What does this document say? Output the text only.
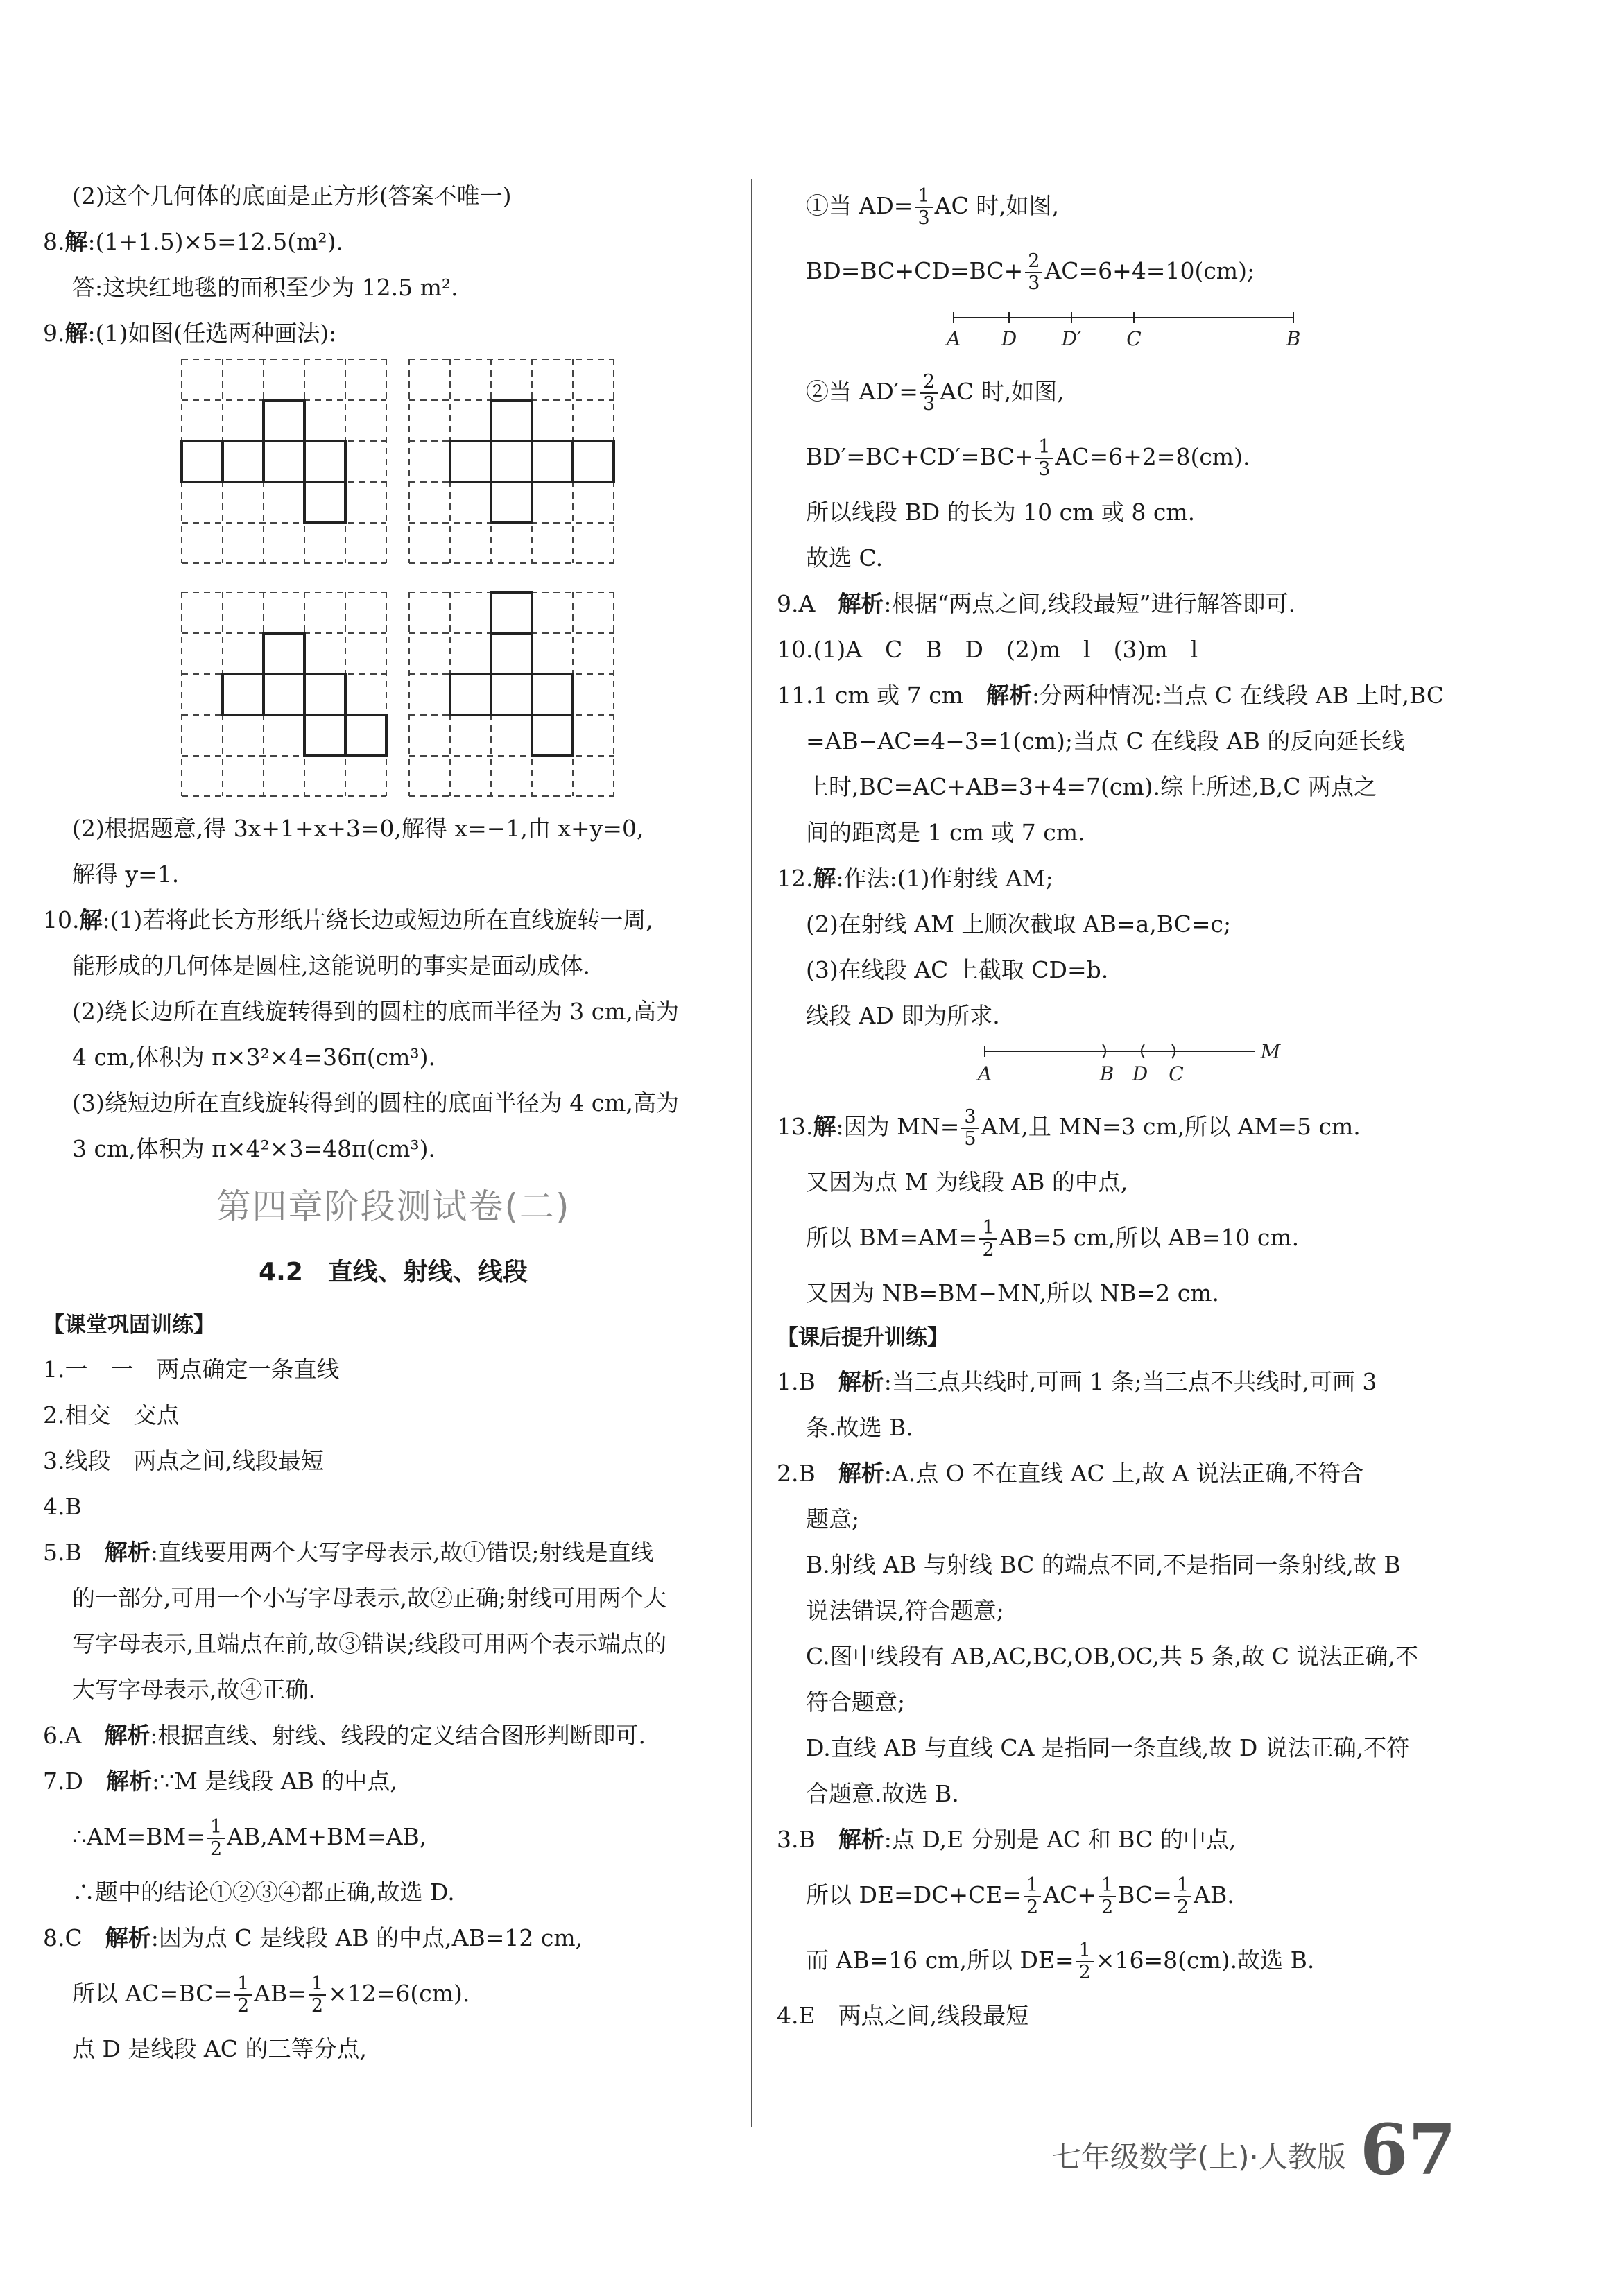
(2)这个几何体的底面是正方形(答案不唯一)
8.解:(1+1.5)×5=12.5(m²).
答:这块红地毯的面积至少为 12.5 m².
9.解:(1)如图(任选两种画法):
(2)根据题意,得 3x+1+x+3=0,解得 x=−1,由 x+y=0,
解得 y=1.
10.解:(1)若将此长方形纸片绕长边或短边所在直线旋转一周,
能形成的几何体是圆柱,这能说明的事实是面动成体.
(2)绕长边所在直线旋转得到的圆柱的底面半径为 3 cm,高为
4 cm,体积为 π×3²×4=36π(cm³).
(3)绕短边所在直线旋转得到的圆柱的底面半径为 4 cm,高为
3 cm,体积为 π×4²×3=48π(cm³).
第四章阶段测试卷(二)
4.2　直线、射线、线段
【课堂巩固训练】
1.一　一　两点确定一条直线
2.相交　交点
3.线段　两点之间,线段最短
4.B
5.B　解析:直线要用两个大写字母表示,故①错误;射线是直线
的一部分,可用一个小写字母表示,故②正确;射线可用两个大
写字母表示,且端点在前,故③错误;线段可用两个表示端点的
大写字母表示,故④正确.
6.A　解析:根据直线、射线、线段的定义结合图形判断即可.
7.D　解析:∵M 是线段 AB 的中点,
∴AM=BM= $\frac{1}{2} AB,AM+BM=AB$,
∴题中的结论①②③④都正确,故选 D.
8.C　解析:因为点 C 是线段 AB 的中点,AB=12 cm,
所以 $AC=BC= \frac{1}{2} AB= \frac{1}{2} \times 12=6(cm)$.
点 D 是线段 AC 的三等分点,
①当 $AD= \frac{1}{3}$ AC 时,如图,
$BD=BC+CD=BC+ \frac{2}{3} AC=6+4=10(cm)$;
A D D′ C	B
②当 $AD'= \frac{2}{3}$ AC 时,如图,
$BD'=BC+CD'=BC+ \frac{1}{3} AC=6+2=8(cm)$.
所以线段 BD 的长为 10 cm 或 8 cm.
故选 C.
9.A　解析:根据“两点之间,线段最短”进行解答即可.
10.(1)A　C　B　D　(2)m　l　(3)m　l
11.1 cm 或 7 cm　解析:分两种情况:当点 C 在线段 AB 上时,BC
=AB−AC=4−3=1(cm);当点 C 在线段 AB 的反向延长线
上时,BC=AC+AB=3+4=7(cm).综上所述,B,C 两点之
间的距离是 1 cm 或 7 cm.
12.解:作法:(1)作射线 AM;
(2)在射线 AM 上顺次截取 AB=a,BC=c;
(3)在线段 AC 上截取 CD=b.
线段 AD 即为所求.
A	B D C
M
13.解:因为 $MN= \frac{3}{5}$ AM,且 MN=3 cm,所以 AM=5 cm.
又因为点 M 为线段 AB 的中点,
所以 $BM=AM= \frac{1}{2} AB=5$ cm,所以 AB=10 cm.
又因为 NB=BM−MN,所以 NB=2 cm.
【课后提升训练】
1.B　解析:当三点共线时,可画 1 条;当三点不共线时,可画 3
条.故选 B.
2.B　解析:A.点 O 不在直线 AC 上,故 A 说法正确,不符合
题意;
B.射线 AB 与射线 BC 的端点不同,不是指同一条射线,故 B
说法错误,符合题意;
C.图中线段有 AB,AC,BC,OB,OC,共 5 条,故 C 说法正确,不
符合题意;
D.直线 AB 与直线 CA 是指同一条直线,故 D 说法正确,不符
合题意.故选 B.
3.B　解析:点 D,E 分别是 AC 和 BC 的中点,
所以 $DE=DC+CE= \frac{1}{2} AC+ \frac{1}{2} BC= \frac{1}{2}$ AB.
而 AB=16 cm,所以 $DE= \frac{1}{2} \times 16=8(cm)$.故选 B.
4.E　两点之间,线段最短
七年级数学(上)·人教版 67
